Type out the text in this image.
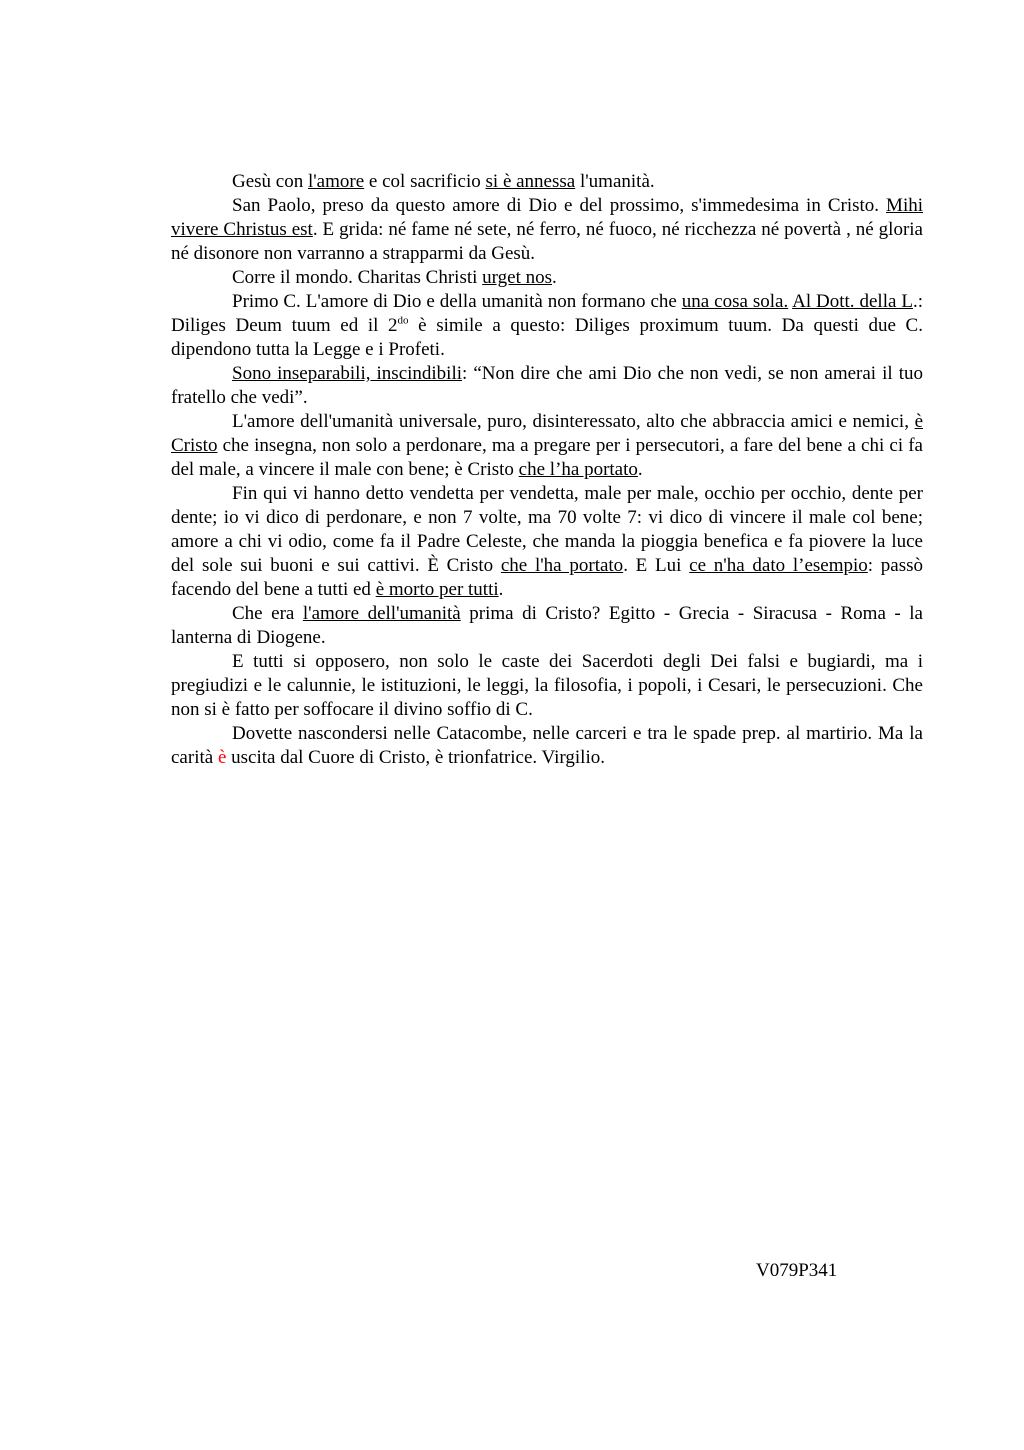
Gesù con l'amore e col sacrificio si è annessa l'umanità.

San Paolo, preso da questo amore di Dio e del prossimo, s'immedesima in Cristo. Mihi vivere Christus est. E grida: né fame né sete, né ferro, né fuoco, né ricchezza né povertà , né gloria né disonore non varranno a strapparmi da Gesù.

Corre il mondo. Charitas Christi urget nos.

Primo C. L'amore di Dio e della umanità non formano che una cosa sola. Al Dott. della L.: Diliges Deum tuum ed il $2^{do}$ è simile a questo: Diliges proximum tuum. Da questi due C. dipendono tutta la Legge e i Profeti.

Sono inseparabili, inscindibili: “Non dire che ami Dio che non vedi, se non amerai il tuo fratello che vedi”.

L'amore dell'umanità universale, puro, disinteressato, alto che abbraccia amici e nemici, è Cristo che insegna, non solo a perdonare, ma a pregare per i persecutori, a fare del bene a chi ci fa del male, a vincere il male con bene; è Cristo che l’ha portato.

Fin qui vi hanno detto vendetta per vendetta, male per male, occhio per occhio, dente per dente; io vi dico di perdonare, e non 7 volte, ma 70 volte 7: vi dico di vincere il male col bene; amore a chi vi odio, come fa il Padre Celeste, che manda la pioggia benefica e fa piovere la luce del sole sui buoni e sui cattivi. È Cristo che l'ha portato. E Lui ce n'ha dato l’esempio: passò facendo del bene a tutti ed è morto per tutti.

Che era l'amore dell'umanità prima di Cristo? Egitto - Grecia - Siracusa - Roma - la lanterna di Diogene.

E tutti si opposero, non solo le caste dei Sacerdoti degli Dei falsi e bugiardi, ma i pregiudizi e le calunnie, le istituzioni, le leggi, la filosofia, i popoli, i Cesari, le persecuzioni. Che non si è fatto per soffocare il divino soffio di C.

Dovette nascondersi nelle Catacombe, nelle carceri e tra le spade prep. al martirio. Ma la carità è uscita dal Cuore di Cristo, è trionfatrice. Virgilio.

V079P341
